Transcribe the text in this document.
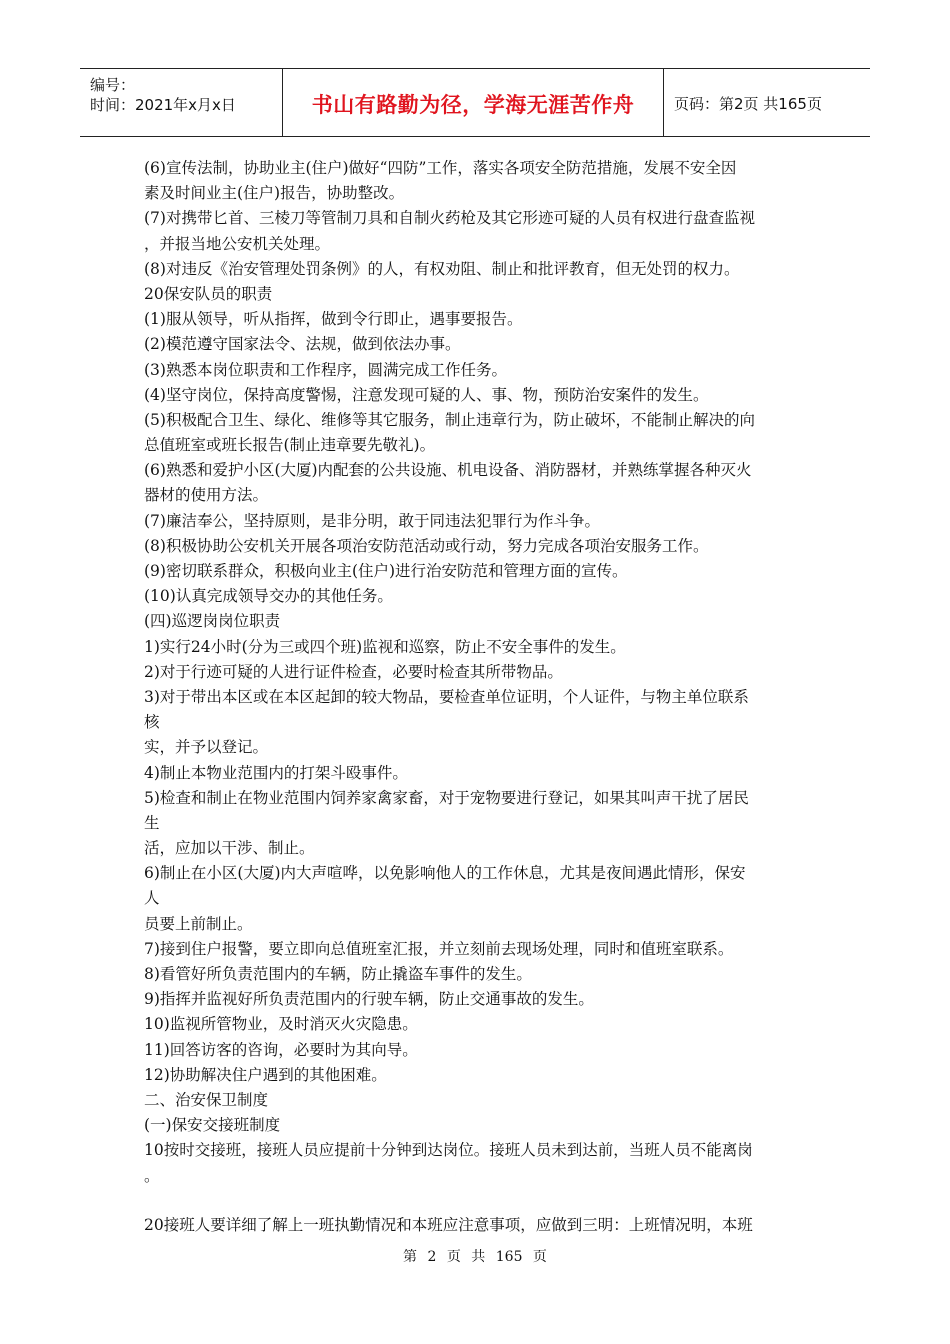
编号：
时间：2021年x月x日	书山有路勤为径，学海无涯苦作舟	页码：第2页 共165页
(6)宣传法制，协助业主(住户)做好“四防”工作，落实各项安全防范措施，发展不安全因
素及时间业主(住户)报告，协助整改。
(7)对携带匕首、三棱刀等管制刀具和自制火药枪及其它形迹可疑的人员有权进行盘查监视
，并报当地公安机关处理。
(8)对违反《治安管理处罚条例》的人，有权劝阻、制止和批评教育，但无处罚的权力。
20保安队员的职责
(1)服从领导，听从指挥，做到令行即止，遇事要报告。
(2)模范遵守国家法令、法规，做到依法办事。
(3)熟悉本岗位职责和工作程序，圆满完成工作任务。
(4)坚守岗位，保持高度警惕，注意发现可疑的人、事、物，预防治安案件的发生。
(5)积极配合卫生、绿化、维修等其它服务，制止违章行为，防止破坏，不能制止解决的向
总值班室或班长报告(制止违章要先敬礼)。
(6)熟悉和爱护小区(大厦)内配套的公共设施、机电设备、消防器材，并熟练掌握各种灭火
器材的使用方法。
(7)廉洁奉公，坚持原则，是非分明，敢于同违法犯罪行为作斗争。
(8)积极协助公安机关开展各项治安防范活动或行动，努力完成各项治安服务工作。
(9)密切联系群众，积极向业主(住户)进行治安防范和管理方面的宣传。
(10)认真完成领导交办的其他任务。
(四)巡逻岗岗位职责
1)实行24小时(分为三或四个班)监视和巡察，防止不安全事件的发生。
2)对于行迹可疑的人进行证件检查，必要时检查其所带物品。
3)对于带出本区或在本区起卸的较大物品，要检查单位证明，个人证件，与物主单位联系
核
实，并予以登记。
4)制止本物业范围内的打架斗殴事件。
5)检查和制止在物业范围内饲养家禽家畜，对于宠物要进行登记，如果其叫声干扰了居民
生
活，应加以干涉、制止。
6)制止在小区(大厦)内大声喧哗，以免影响他人的工作休息，尤其是夜间遇此情形，保安
人
员要上前制止。
7)接到住户报警，要立即向总值班室汇报，并立刻前去现场处理，同时和值班室联系。
8)看管好所负责范围内的车辆，防止撬盗车事件的发生。
9)指挥并监视好所负责范围内的行驶车辆，防止交通事故的发生。
10)监视所管物业，及时消灭火灾隐患。
11)回答访客的咨询，必要时为其向导。
12)协助解决住户遇到的其他困难。
二、治安保卫制度
(一)保安交接班制度
10按时交接班，接班人员应提前十分钟到达岗位。接班人员未到达前，当班人员不能离岗
。
20接班人要详细了解上一班执勤情况和本班应注意事项，应做到三明：上班情况明，本班
第 2 页 共 165 页
